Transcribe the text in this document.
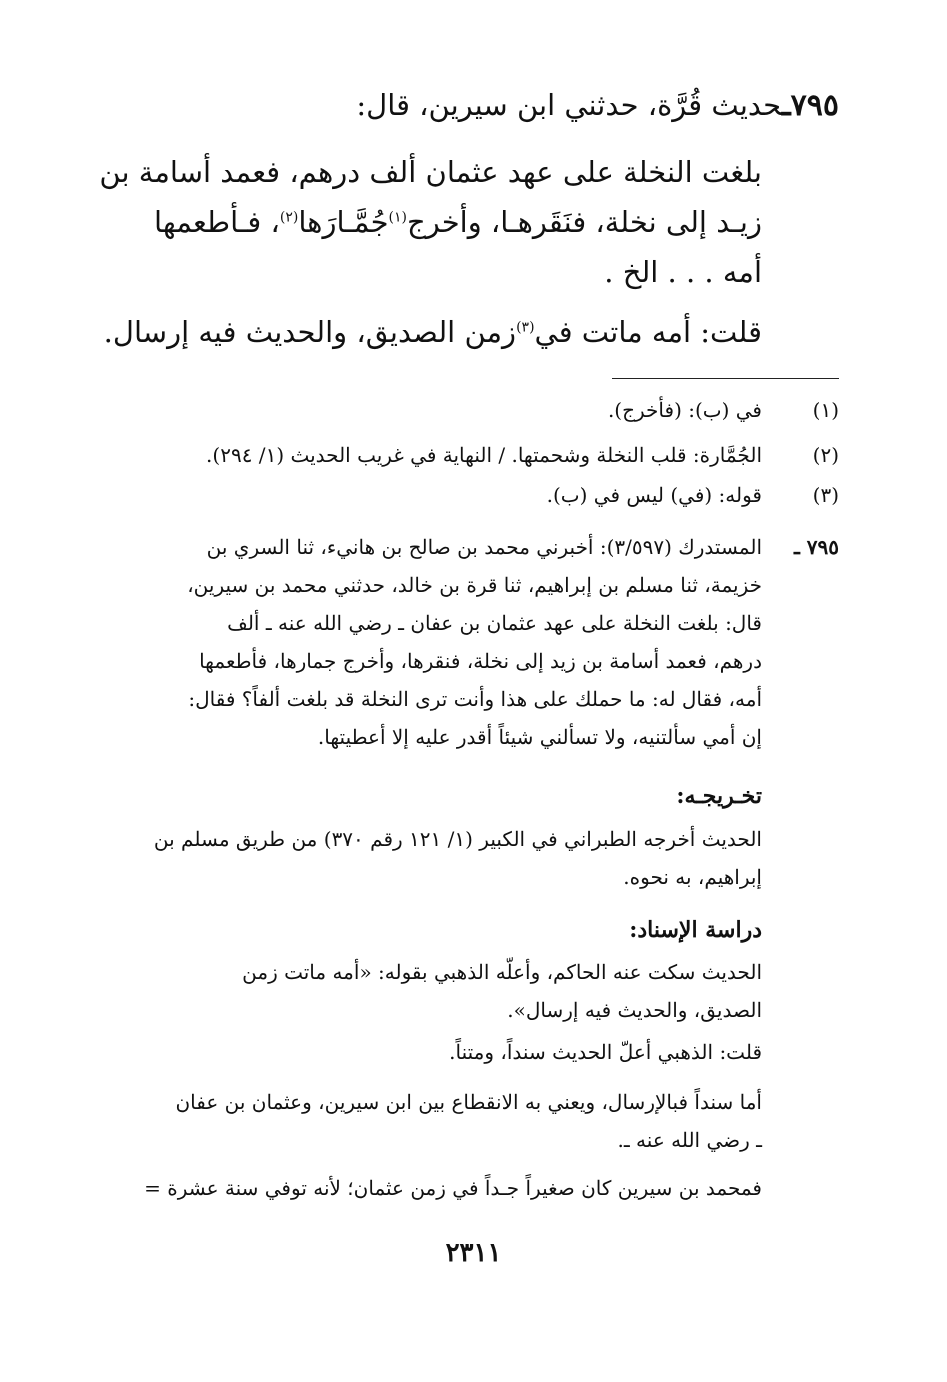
٧٩٥ـحديث قُرَّة، حدثني ابن سيرين، قال:
بلغت النخلة على عهد عثمان ألف درهم، فعمد أسامة بن
زيـد إلى نخلة، فنَقَرهـا، وأخرج$^{(١)}$جُمَّـارَها$^{(٢)}$، فـأطعمها
أمه . . . الخ .
قلت: أمه ماتت في$^{(٣)}$زمن الصديق، والحديث فيه إرسال.
(١)
في (ب): (فأخرج).
(٢)
الجُمَّارة: قلب النخلة وشحمتها. / النهاية في غريب الحديث (١/ ٢٩٤).
(٣)
قوله: (في) ليس في (ب).
٧٩٥ ـ
المستدرك (٣/٥٩٧): أخبرني محمد بن صالح بن هانيء، ثنا السري بن
خزيمة، ثنا مسلم بن إبراهيم، ثنا قرة بن خالد، حدثني محمد بن سيرين،
قال: بلغت النخلة على عهد عثمان بن عفان ـ رضي الله عنه ـ ألف
درهم، فعمد أسامة بن زيد إلى نخلة، فنقرها، وأخرج جمارها، فأطعمها
أمه، فقال له: ما حملك على هذا وأنت ترى النخلة قد بلغت ألفاً؟ فقال:
إن أمي سألتنيه، ولا تسألني شيئاً أقدر عليه إلا أعطيتها.
تخـريجـه:
الحديث أخرجه الطبراني في الكبير (١/ ١٢١ رقم ٣٧٠) من طريق مسلم بن
إبراهيم، به نحوه.
دراسة الإسناد:
الحديث سكت عنه الحاكم، وأعلّه الذهبي بقوله: «أمه ماتت زمن
الصديق، والحديث فيه إرسال».
قلت: الذهبي أعلّ الحديث سنداً، ومتناً.
أما سنداً فبالإرسال، ويعني به الانقطاع بين ابن سيرين، وعثمان بن عفان
ـ رضي الله عنه ـ.
فمحمد بن سيرين كان صغيراً جـداً في زمن عثمان؛ لأنه توفي سنة عشرة =
٢٣١١
